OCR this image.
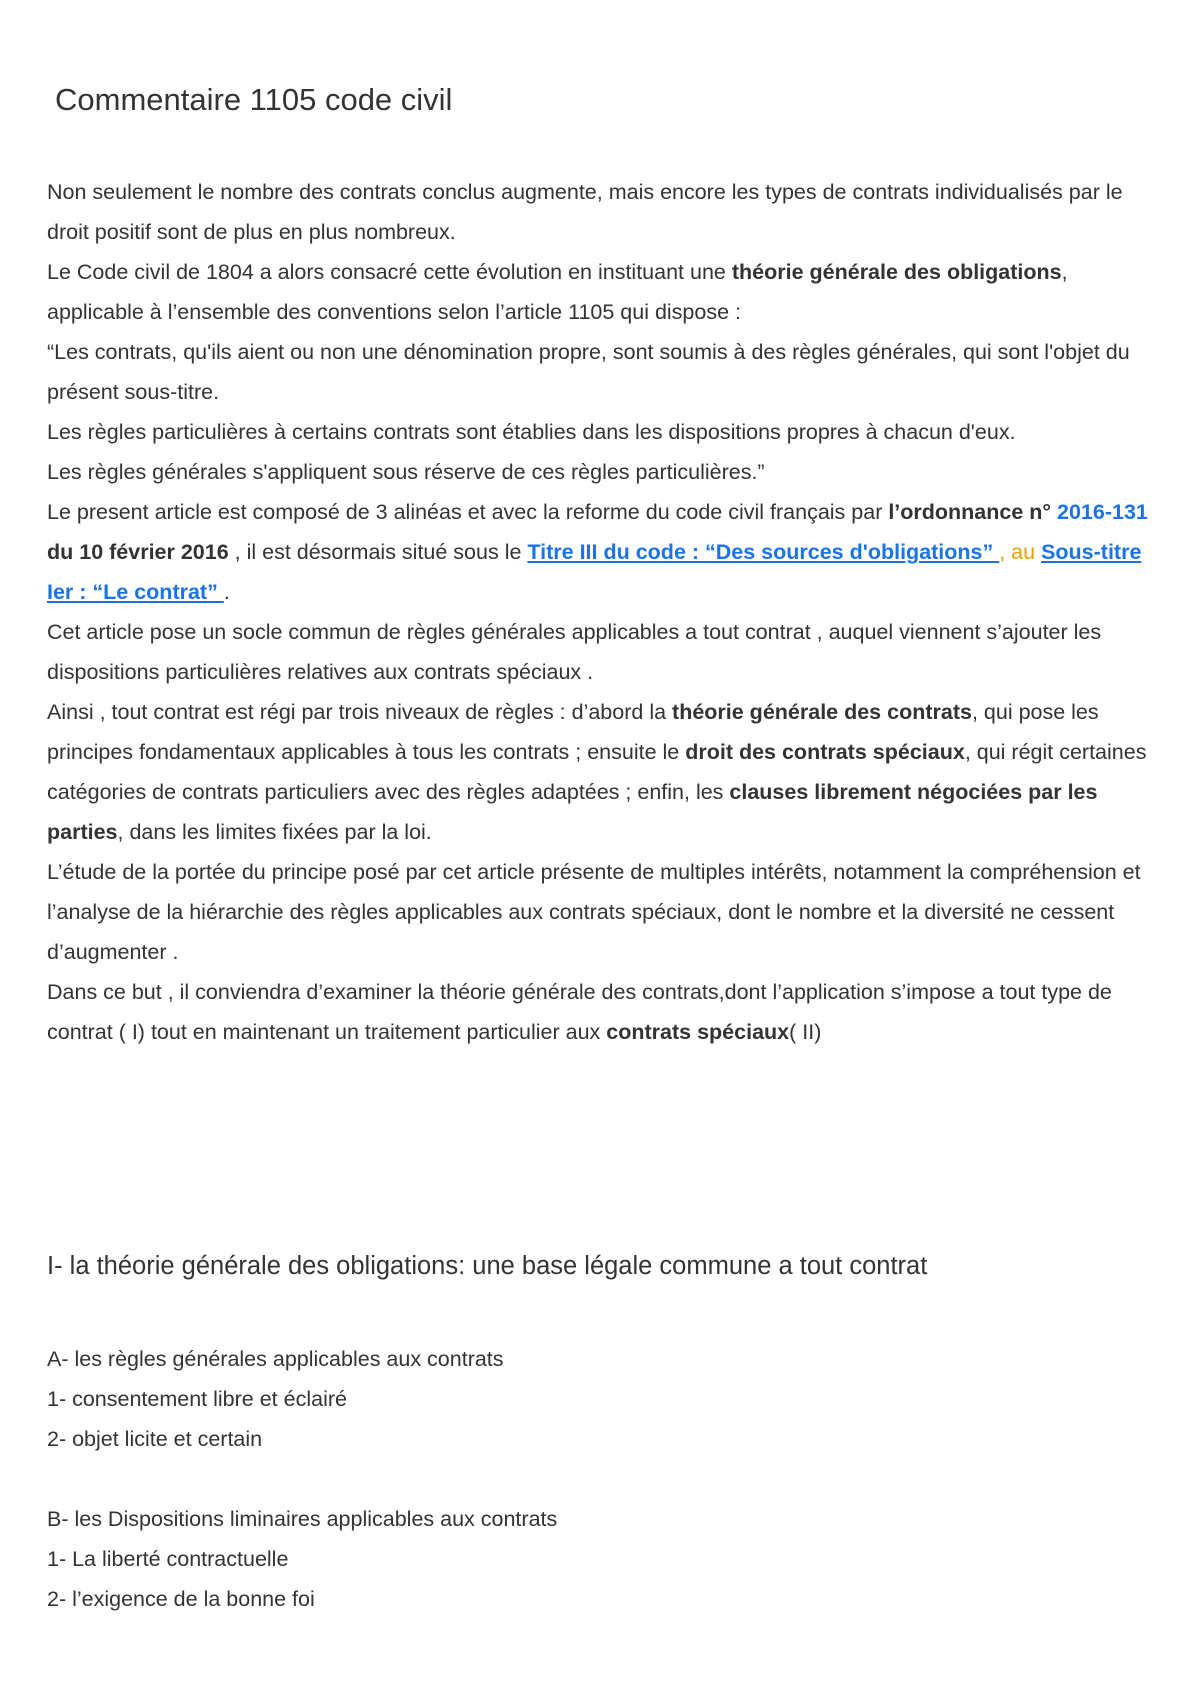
Commentaire 1105 code civil

Non seulement le nombre des contrats conclus augmente, mais encore les types de contrats individualisés par le droit positif sont de plus en plus nombreux.

Le Code civil de 1804 a alors consacré cette évolution en instituant une théorie générale des obligations, applicable à l’ensemble des conventions selon l’article 1105 qui dispose :

“Les contrats, qu'ils aient ou non une dénomination propre, sont soumis à des règles générales, qui sont l'objet du présent sous-titre.

Les règles particulières à certains contrats sont établies dans les dispositions propres à chacun d'eux.

Les règles générales s'appliquent sous réserve de ces règles particulières.”

Le present article est composé de 3 alinéas et avec la reforme du code civil français par l’ordonnance n° 2016-131 du 10 février 2016 , il est désormais situé sous le Titre III du code : “Des sources d'obligations” , au Sous-titre Ier : “Le contrat” .

Cet article pose un socle commun de règles générales applicables a tout contrat , auquel viennent s’ajouter les dispositions particulières relatives aux contrats spéciaux .

Ainsi , tout contrat est régi par trois niveaux de règles : d’abord la théorie générale des contrats, qui pose les principes fondamentaux applicables à tous les contrats ; ensuite le droit des contrats spéciaux, qui régit certaines catégories de contrats particuliers avec des règles adaptées ; enfin, les clauses librement négociées par les parties, dans les limites fixées par la loi.

L’étude de la portée du principe posé par cet article présente de multiples intérêts, notamment la compréhension et l’analyse de la hiérarchie des règles applicables aux contrats spéciaux, dont le nombre et la diversité ne cessent d’augmenter .

Dans ce but , il conviendra d’examiner la théorie générale des contrats,dont l’application s’impose a tout type de contrat ( I) tout en maintenant un traitement particulier aux contrats spéciaux( II)

I- la théorie générale des obligations: une base légale commune a tout contrat

A- les règles générales applicables aux contrats

1- consentement libre et éclairé

2- objet licite et certain

B- les Dispositions liminaires applicables aux contrats

1- La liberté contractuelle

2- l’exigence de la bonne foi
